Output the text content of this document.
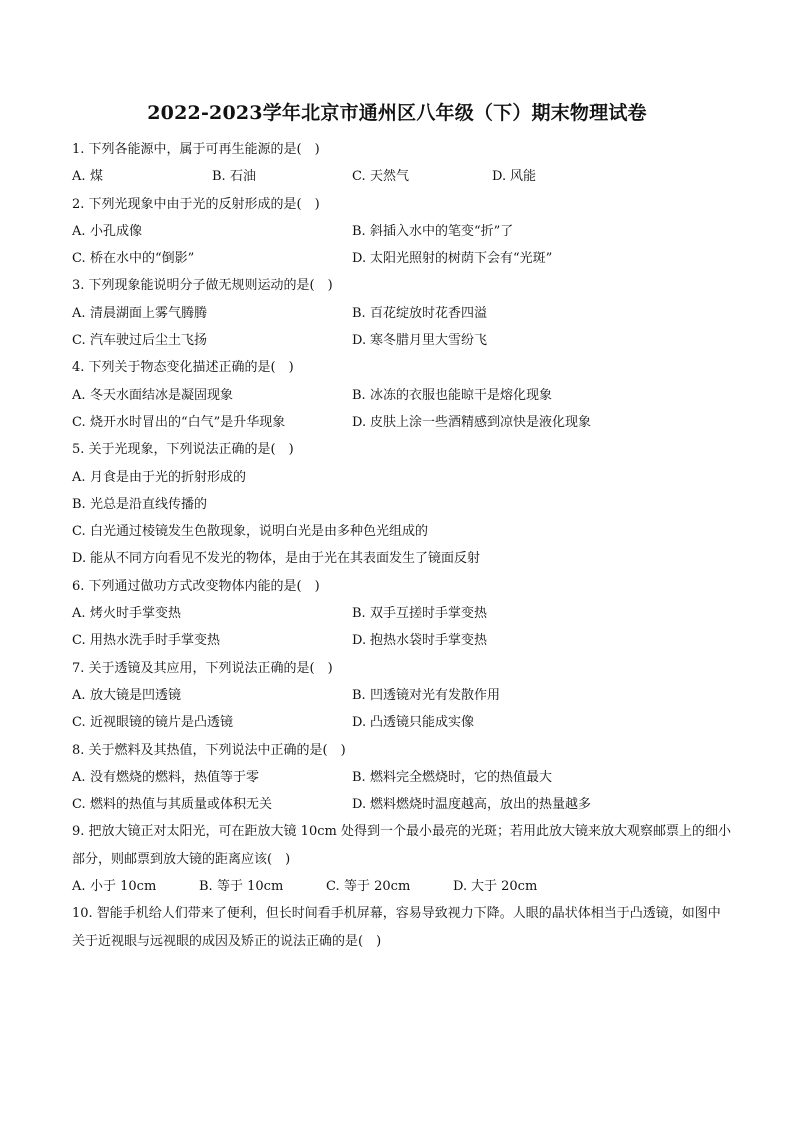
2022-2023学年北京市通州区八年级（下）期末物理试卷
1. 下列各能源中，属于可再生能源的是(　)
A. 煤	B. 石油	C. 天然气	D. 风能
2. 下列光现象中由于光的反射形成的是(　)
A. 小孔成像	B. 斜插入水中的笔变“折”了
C. 桥在水中的“倒影”	D. 太阳光照射的树荫下会有“光斑”
3. 下列现象能说明分子做无规则运动的是(　)
A. 清晨湖面上雾气腾腾	B. 百花绽放时花香四溢
C. 汽车驶过后尘土飞扬	D. 寒冬腊月里大雪纷飞
4. 下列关于物态变化描述正确的是(　)
A. 冬天水面结冰是凝固现象	B. 冰冻的衣服也能晾干是熔化现象
C. 烧开水时冒出的“白气”是升华现象	D. 皮肤上涂一些酒精感到凉快是液化现象
5. 关于光现象，下列说法正确的是(　)
A. 月食是由于光的折射形成的
B. 光总是沿直线传播的
C. 白光通过棱镜发生色散现象，说明白光是由多种色光组成的
D. 能从不同方向看见不发光的物体，是由于光在其表面发生了镜面反射
6. 下列通过做功方式改变物体内能的是(　)
A. 烤火时手掌变热	B. 双手互搓时手掌变热
C. 用热水洗手时手掌变热	D. 抱热水袋时手掌变热
7. 关于透镜及其应用，下列说法正确的是(　)
A. 放大镜是凹透镜	B. 凹透镜对光有发散作用
C. 近视眼镜的镜片是凸透镜	D. 凸透镜只能成实像
8. 关于燃料及其热值，下列说法中正确的是(　)
A. 没有燃烧的燃料，热值等于零	B. 燃料完全燃烧时，它的热值最大
C. 燃料的热值与其质量或体积无关	D. 燃料燃烧时温度越高，放出的热量越多
9. 把放大镜正对太阳光，可在距放大镜 10cm 处得到一个最小最亮的光斑；若用此放大镜来放大观察邮票上的细小部分，则邮票到放大镜的距离应该(　)
A. 小于 10cm	B. 等于 10cm	C. 等于 20cm	D. 大于 20cm
10. 智能手机给人们带来了便利，但长时间看手机屏幕，容易导致视力下降。人眼的晶状体相当于凸透镜，如图中关于近视眼与远视眼的成因及矫正的说法正确的是(　)
